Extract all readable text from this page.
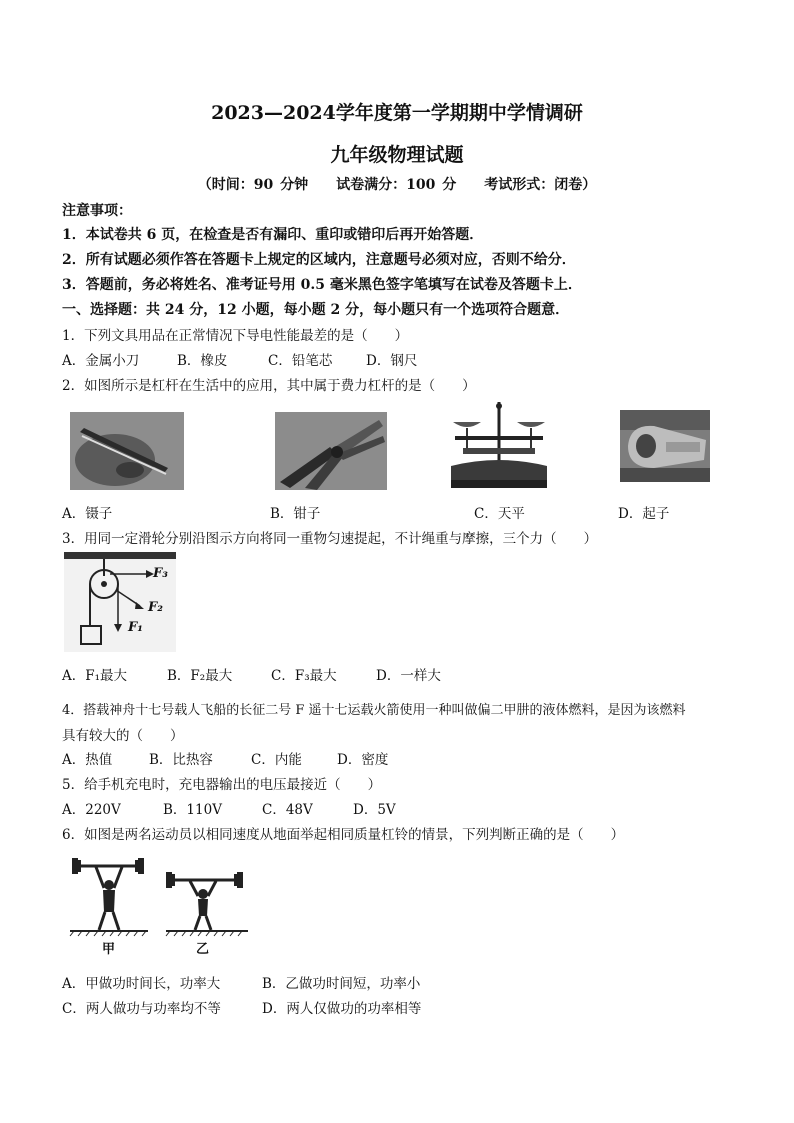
2023—2024学年度第一学期期中学情调研
九年级物理试题
（时间：90 分钟　　试卷满分：100 分　　考试形式：闭卷）
注意事项：
1．本试卷共 6 页，在检查是否有漏印、重印或错印后再开始答题．
2．所有试题必须作答在答题卡上规定的区域内，注意题号必须对应，否则不给分．
3．答题前，务必将姓名、准考证号用 0.5 毫米黑色签字笔填写在试卷及答题卡上．
一、选择题：共 24 分，12 小题，每小题 2 分，每小题只有一个选项符合题意．
1．下列文具用品在正常情况下导电性能最差的是（　　）
A．金属小刀	B．橡皮	C．铅笔芯 D．钢尺
2．如图所示是杠杆在生活中的应用，其中属于费力杠杆的是（　　）
A．镊子	B．钳子	C．天平	D．起子
3．用同一定滑轮分别沿图示方向将同一重物匀速提起，不计绳重与摩擦，三个力（　　）
F₃
F₂
F₁
A．F₁最大	B．F₂最大	C．F₃最大	D．一样大
4．搭载神舟十七号载人飞船的长征二号 F 遥十七运载火箭使用一种叫做偏二甲肼的液体燃料，是因为该燃料
具有较大的（　　）
A．热值	B．比热容	C．内能	D．密度
5．给手机充电时，充电器输出的电压最接近（　　）
A．220V	B．110V	C．48V	D．5V
6．如图是两名运动员以相同速度从地面举起相同质量杠铃的情景，下列判断正确的是（　　）
甲	乙
A．甲做功时间长，功率大	B．乙做功时间短，功率小
C．两人做功与功率均不等	D．两人仅做功的功率相等
